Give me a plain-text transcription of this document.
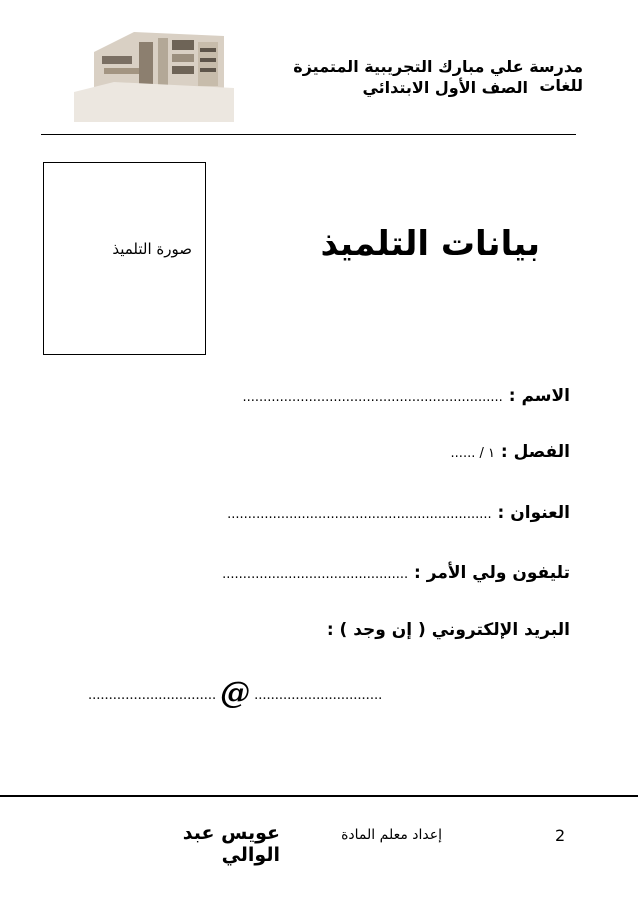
مدرسة علي مبارك التجريبية المتميزة للغات
الصف الأول الابتدائي
صورة التلميذ	بيانات التلميذ
الاسم : ...............................................................
الفصل : ١ / ......
العنوان : ................................................................
تليفون ولي الأمر : .............................................
البريد الإلكتروني ( إن وجد ) :
............................... @ ...............................
2
إعداد معلم المادة
عويس عبد الوالي
